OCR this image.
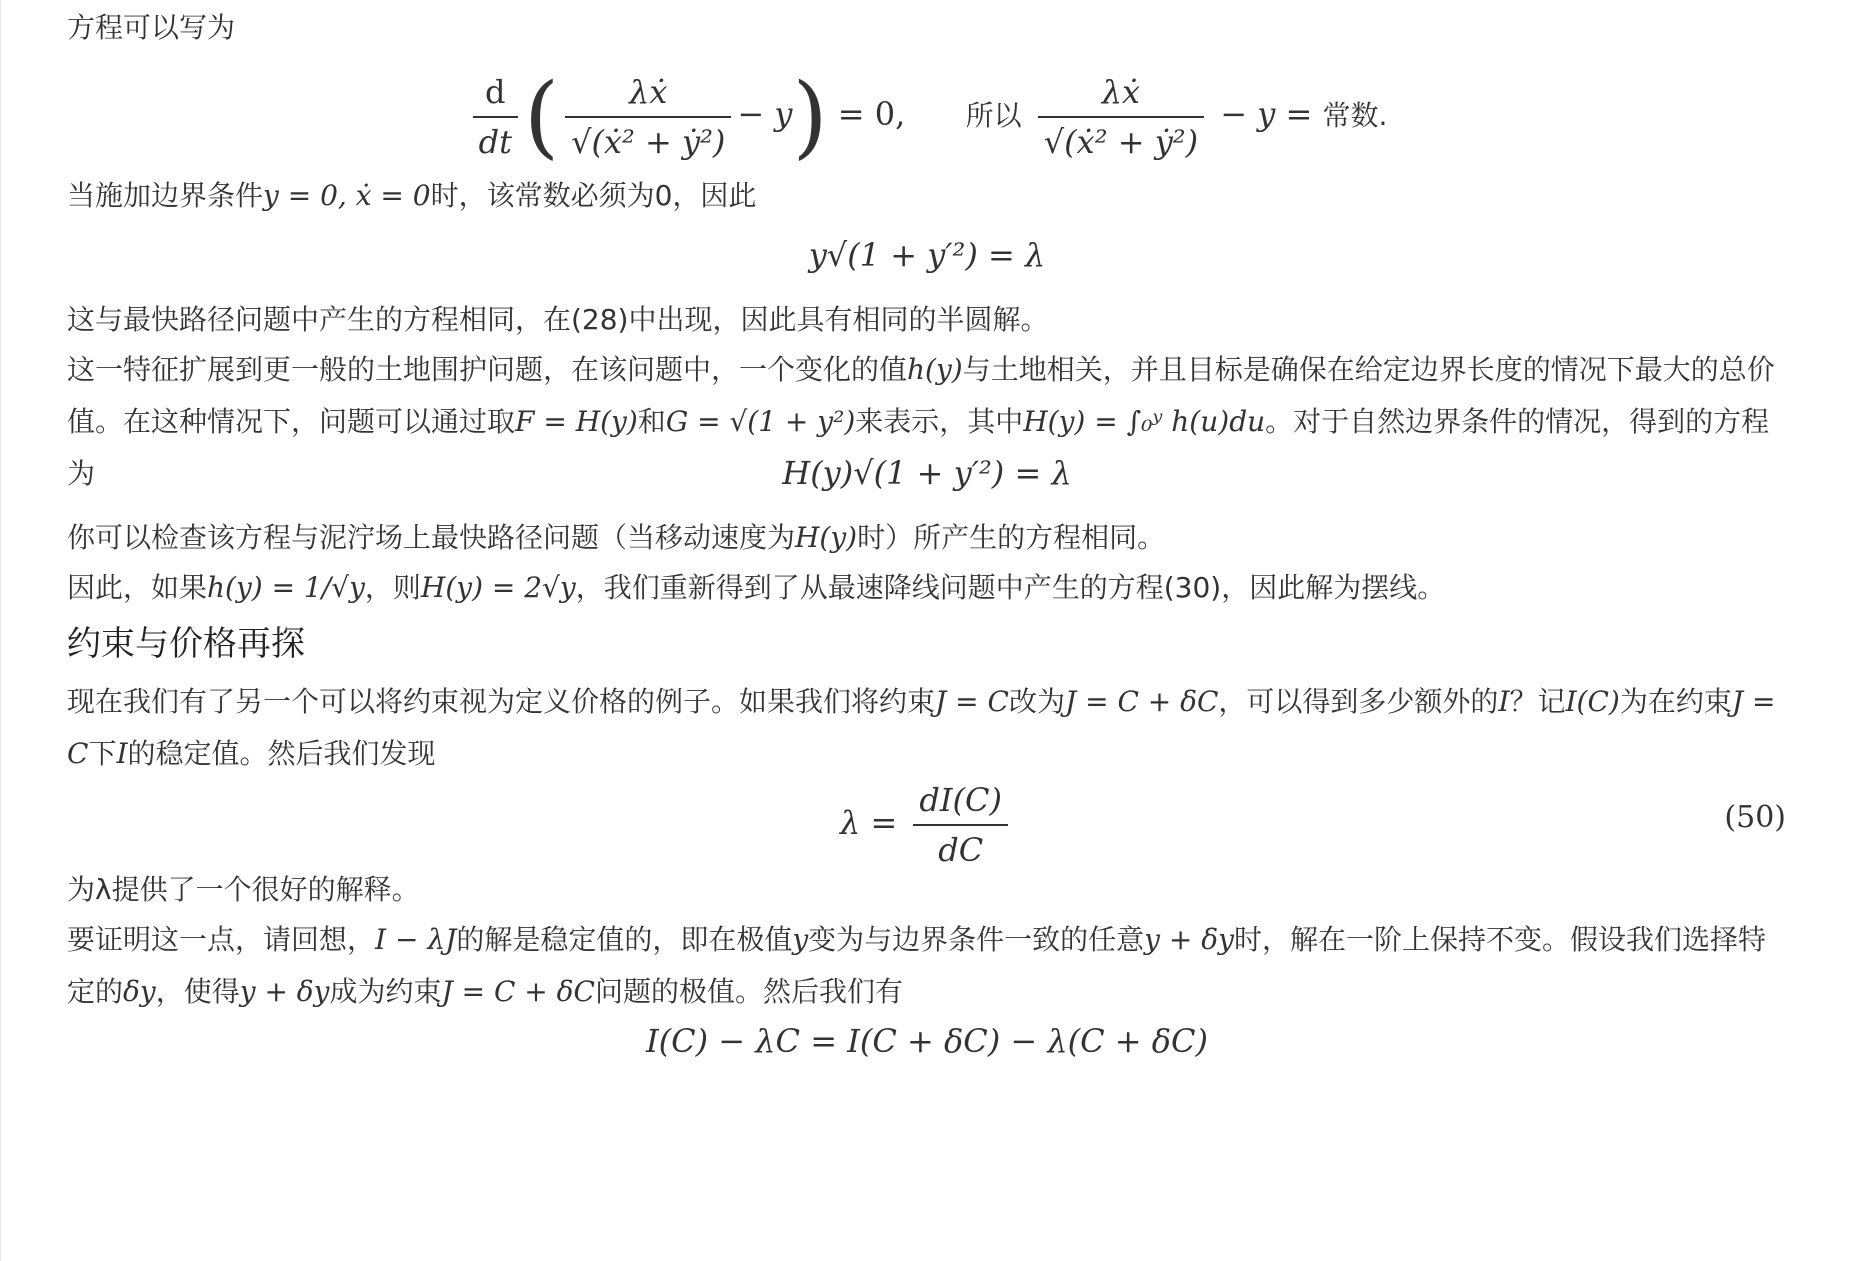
方程可以写为

$\frac{d}{dt}$ ( $\frac{\text{λẋ}}{\text{√(ẋ² + ẏ²)}} - y) = 0$, 所以 $\frac{\text{λẋ}}{\text{√(ẋ² + ẏ²)}} - y$ = 常数.

当施加边界条件y = 0, ẋ = 0时，该常数必须为0，因此

y√(1 + y′²) = λ

这与最快路径问题中产生的方程相同，在(28)中出现，因此具有相同的半圆解。

这一特征扩展到更一般的土地围护问题，在该问题中，一个变化的值h(y)与土地相关，并且目标是确保在给定边界长度的情况下最大的总价值。在这种情况下，问题可以通过取F = H(y)和G = √(1 + y²)来表示，其中H(y) = ∫₀ʸ h(u)du。对于自然边界条件的情况，得到的方程为	H(y)√(1 + y′²) = λ

你可以检查该方程与泥泞场上最快路径问题（当移动速度为H(y)时）所产生的方程相同。

因此，如果h(y) = 1/√y，则H(y) = 2√y，我们重新得到了从最速降线问题中产生的方程(30)，因此解为摆线。

约束与价格再探

现在我们有了另一个可以将约束视为定义价格的例子。如果我们将约束J = C改为J = C + δC，可以得到多少额外的I？记I(C)为在约束J = C下I的稳定值。然后我们发现

$\lambda = \frac{dI(C)}{dC}$	(50)

为λ提供了一个很好的解释。

要证明这一点，请回想，I − λJ的解是稳定值的，即在极值y变为与边界条件一致的任意y + δy时，解在一阶上保持不变。假设我们选择特定的δy，使得y + δy成为约束J = C + δC问题的极值。然后我们有

I(C) − λC = I(C + δC) − λ(C + δC)
